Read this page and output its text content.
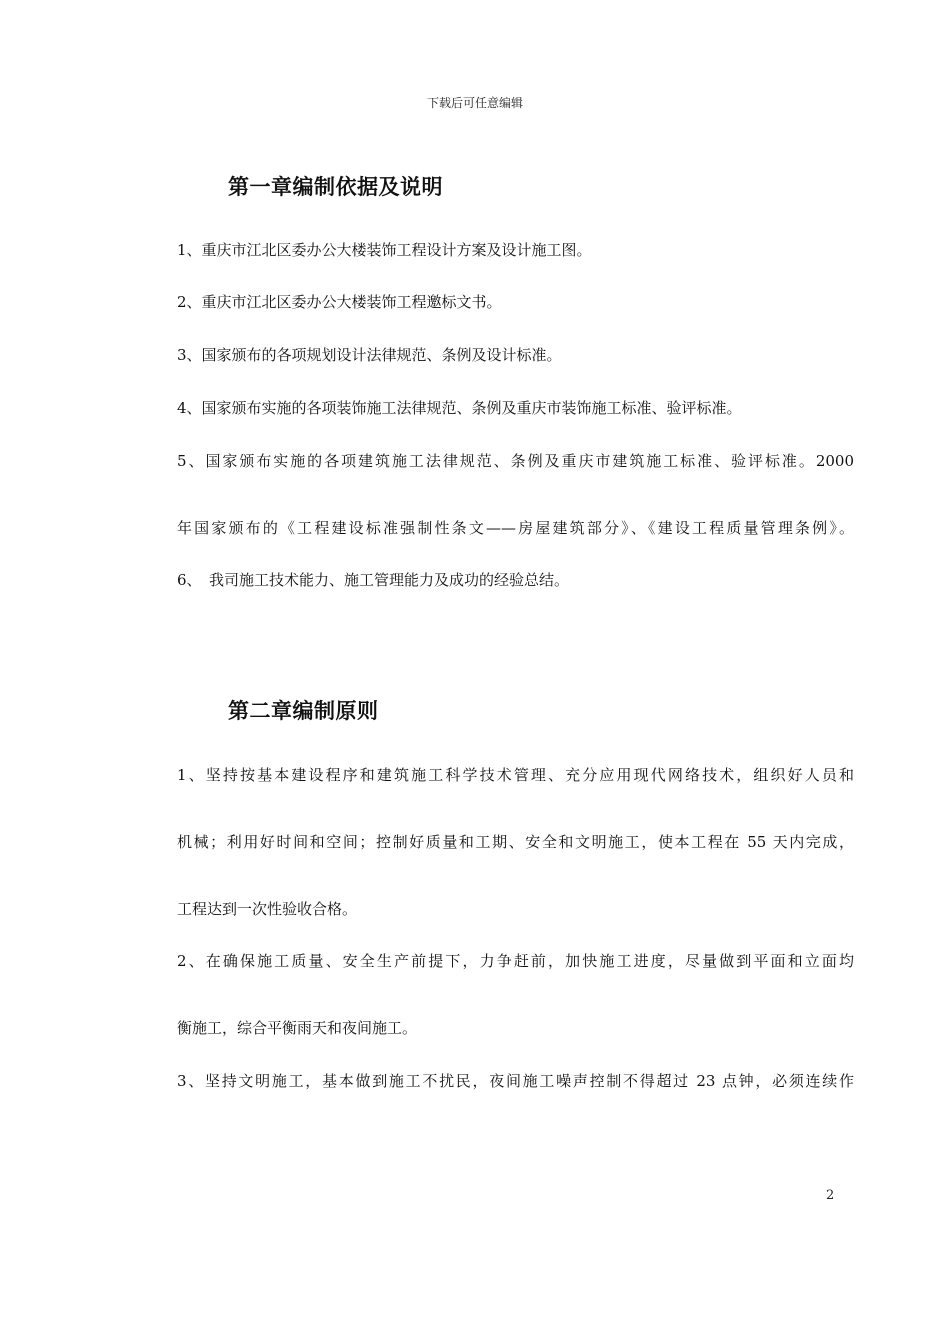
下载后可任意编辑
第一章编制依据及说明
1、重庆市江北区委办公大楼装饰工程设计方案及设计施工图。
2、重庆市江北区委办公大楼装饰工程邀标文书。
3、国家颁布的各项规划设计法律规范、条例及设计标准。
4、国家颁布实施的各项装饰施工法律规范、条例及重庆市装饰施工标准、验评标准。
5、国家颁布实施的各项建筑施工法律规范、条例及重庆市建筑施工标准、验评标准。2000
年国家颁布的《工程建设标准强制性条文——房屋建筑部分》、《建设工程质量管理条例》。
6、　我司施工技术能力、施工管理能力及成功的经验总结。
第二章编制原则
1、坚持按基本建设程序和建筑施工科学技术管理、充分应用现代网络技术，组织好人员和
机械；利用好时间和空间；控制好质量和工期、安全和文明施工，使本工程在 55 天内完成，
工程达到一次性验收合格。
2、在确保施工质量、安全生产前提下，力争赶前，加快施工进度，尽量做到平面和立面均
衡施工，综合平衡雨天和夜间施工。
3、坚持文明施工，基本做到施工不扰民，夜间施工噪声控制不得超过 23 点钟，必须连续作
2
